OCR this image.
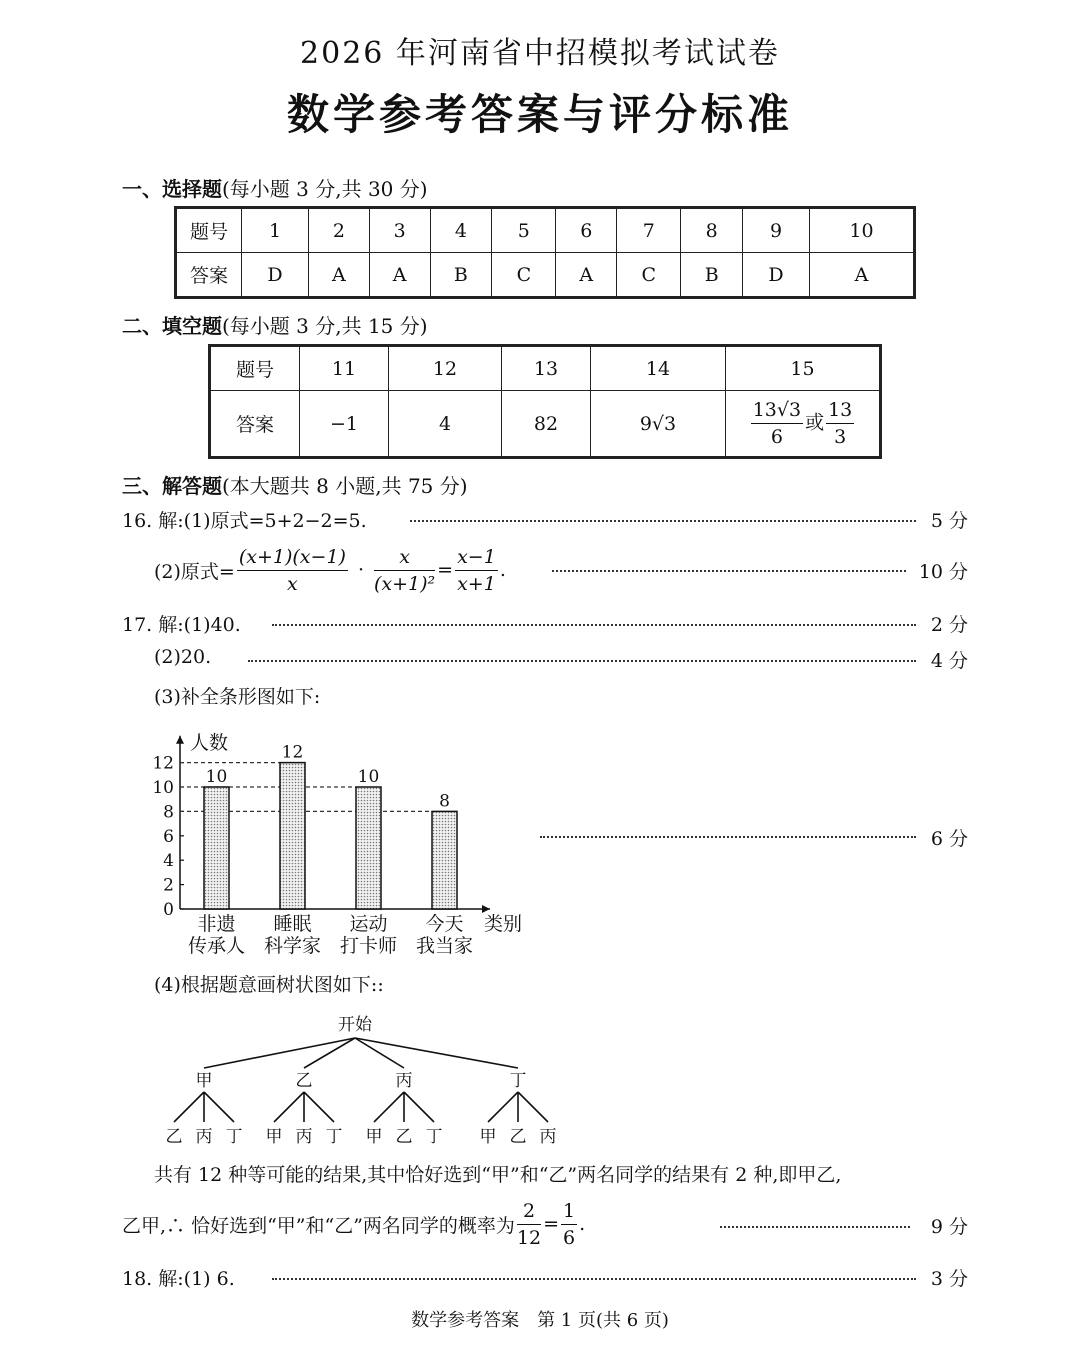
2026 年河南省中招模拟考试试卷
数学参考答案与评分标准
一、选择题(每小题 3 分,共 30 分)
题号	1	2	3	4	5	6	7	8	9	10
答案	D	A	A	B	C	A	C	B	D	A
二、填空题(每小题 3 分,共 15 分)
题号	11	12	13	14	15
答案	−1	4	82	9√3	$\frac{13√3}{6}$ 或 $\frac{13}{3}$
三、解答题(本大题共 8 小题,共 75 分)
16. 解:(1)原式=5+2−2=5.	5 分
(2)原式= $\frac{(x+1)(x-1)}{x} \cdot \frac{x}{\text{(x+1)²}} = \frac{x-1}{x+1}$ .	10 分
17. 解:(1)40.	2 分
(2)20.	4 分
(3)补全条形图如下:
人数
类别
0
2
4
6
8
10
12
10
非遗
传承人
12
睡眠
科学家
10
运动
打卡师
8
今天
我当家
6 分
(4)根据题意画树状图如下::
开始
甲
乙 丙 丁
乙
甲 丙 丁
丙
甲 乙 丁
丁
甲 乙 丙
共有 12 种等可能的结果,其中恰好选到“甲”和“乙”两名同学的结果有 2 种,即甲乙,
乙甲,∴ 恰好选到“甲”和“乙”两名同学的概率为 $\frac{2}{12} = \frac{1}{6}$ .	9 分
18. 解:(1) 6.	3 分
数学参考答案　第 1 页(共 6 页)
